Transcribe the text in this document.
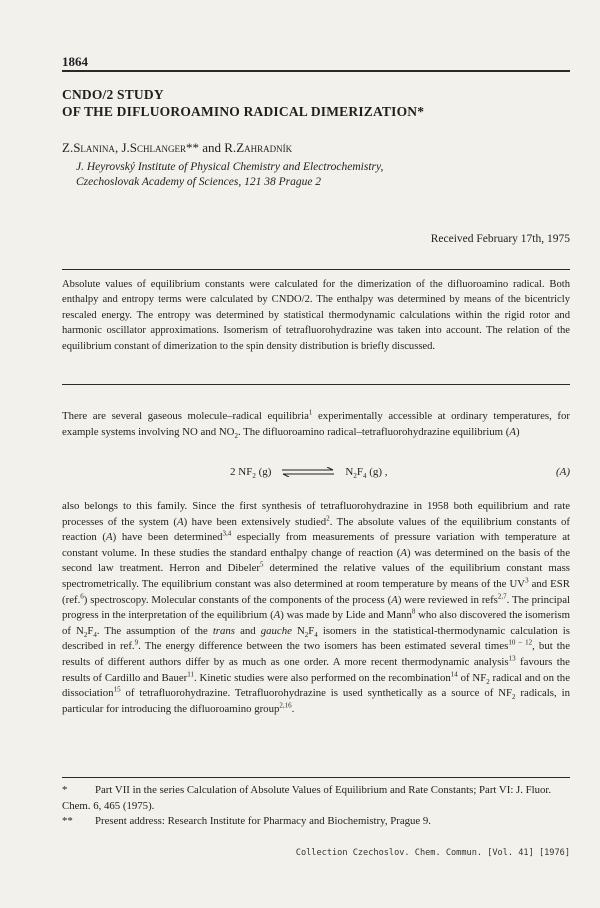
1864
CNDO/2 STUDY
OF THE DIFLUOROAMINO RADICAL DIMERIZATION*
Z.Slanina, J.Schlanger** and R.Zahradník
J. Heyrovský Institute of Physical Chemistry and Electrochemistry,
Czechoslovak Academy of Sciences, 121 38 Prague 2
Received February 17th, 1975
Absolute values of equilibrium constants were calculated for the dimerization of the difluoroamino radical. Both enthalpy and entropy terms were calculated by CNDO/2. The enthalpy was determined by means of the bicentricly rescaled energy. The entropy was determined by statistical thermodynamic calculations within the rigid rotor and harmonic oscillator approximations. Isomerism of tetrafluorohydrazine was taken into account. The relation of the equilibrium constant of dimerization to the spin density distribution is briefly discussed.
There are several gaseous molecule–radical equilibria$^1$ experimentally accessible at ordinary temperatures, for example systems involving NO and $NO_2$. The difluoroamino radical–tetrafluorohydrazine equilibrium (A)
2 $NF_2$ (g)	$N_2F_4$ (g) ,	(A)
also belongs to this family. Since the first synthesis of tetrafluorohydrazine in 1958 both equilibrium and rate processes of the system (A) have been extensively studied$^2$. The absolute values of the equilibrium constants of reaction (A) have been determined$^{3,4}$ especially from measurements of pressure variation with temperature at constant volume. In these studies the standard enthalpy change of reaction (A) was determined on the basis of the second law treatment. Herron and Dibeler$^5$ determined the relative values of the equilibrium constant mass spectrometrically. The equilibrium constant was also determined at room temperature by means of the $UV^3$ and ESR (ref.$^6$) spectroscopy. Molecular constants of the components of the process (A) were reviewed in refs$^{2,7}$. The principal progress in the interpretation of the equilibrium (A) was made by Lide and Mann$^8$ who also discovered the isomerism of $N_2F_4$. The assumption of the trans and gauche $N_2F_4$ isomers in the statistical-thermodynamic calculation is described in ref.$^9$. The energy difference between the two isomers has been estimated several times$^{10 - 12}$, but the results of different authors differ by as much as one order. A more recent thermodynamic analysis$^{13}$ favours the results of Cardillo and Bauer$^{11}$. Kinetic studies were also performed on the recombination$^{14}$ of $NF_2$ radical and on the dissociation$^{15}$ of tetrafluorohydrazine. Tetrafluorohydrazine is used synthetically as a source of $NF_2$ radicals, in particular for introducing the difluoroamino group$^{2,16}$.
*	Part VII in the series Calculation of Absolute Values of Equilibrium and Rate Constants; Part VI: J. Fluor. Chem. 6, 465 (1975).
**	Present address: Research Institute for Pharmacy and Biochemistry, Prague 9.
Collection Czechoslov. Chem. Commun. [Vol. 41] [1976]
